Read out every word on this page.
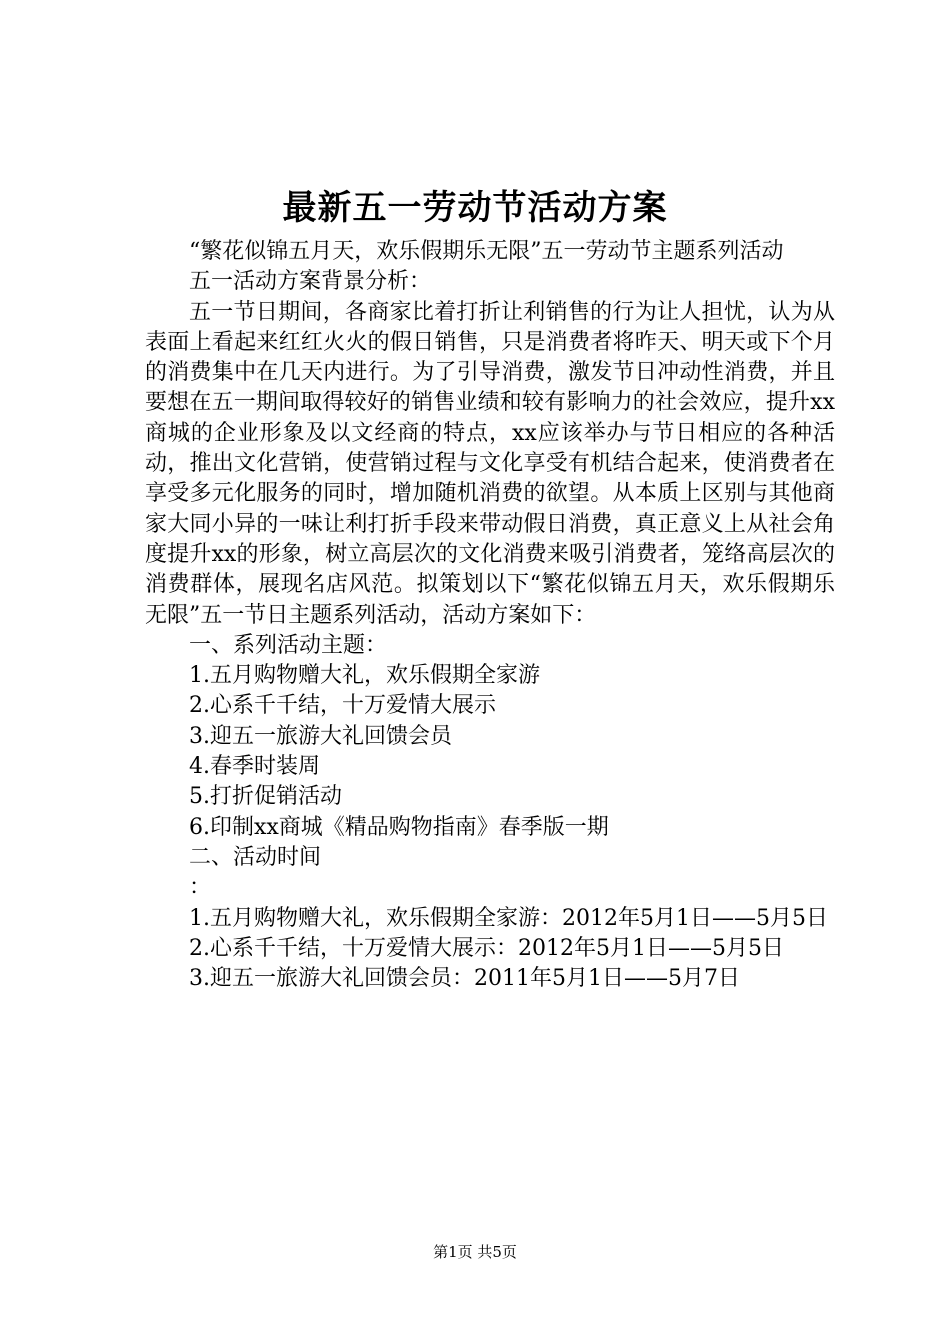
最新五一劳动节活动方案

“繁花似锦五月天，欢乐假期乐无限”五一劳动节主题系列活动

五一活动方案背景分析：

五一节日期间，各商家比着打折让利销售的行为让人担忧，认为从表面上看起来红红火火的假日销售，只是消费者将昨天、明天或下个月的消费集中在几天内进行。为了引导消费，激发节日冲动性消费，并且要想在五一期间取得较好的销售业绩和较有影响力的社会效应，提升xx商城的企业形象及以文经商的特点，xx应该举办与节日相应的各种活动，推出文化营销，使营销过程与文化享受有机结合起来，使消费者在享受多元化服务的同时，增加随机消费的欲望。从本质上区别与其他商家大同小异的一味让利打折手段来带动假日消费，真正意义上从社会角度提升xx的形象，树立高层次的文化消费来吸引消费者，笼络高层次的消费群体，展现名店风范。拟策划以下“繁花似锦五月天，欢乐假期乐无限”五一节日主题系列活动，活动方案如下：

一、系列活动主题：

1.五月购物赠大礼，欢乐假期全家游

2.心系千千结，十万爱情大展示

3.迎五一旅游大礼回馈会员

4.春季时装周

5.打折促销活动

6.印制xx商城《精品购物指南》春季版一期

二、活动时间

：

1.五月购物赠大礼，欢乐假期全家游：2012年5月1日——5月5日

2.心系千千结，十万爱情大展示：2012年5月1日——5月5日

3.迎五一旅游大礼回馈会员：2011年5月1日——5月7日

第1页 共5页
